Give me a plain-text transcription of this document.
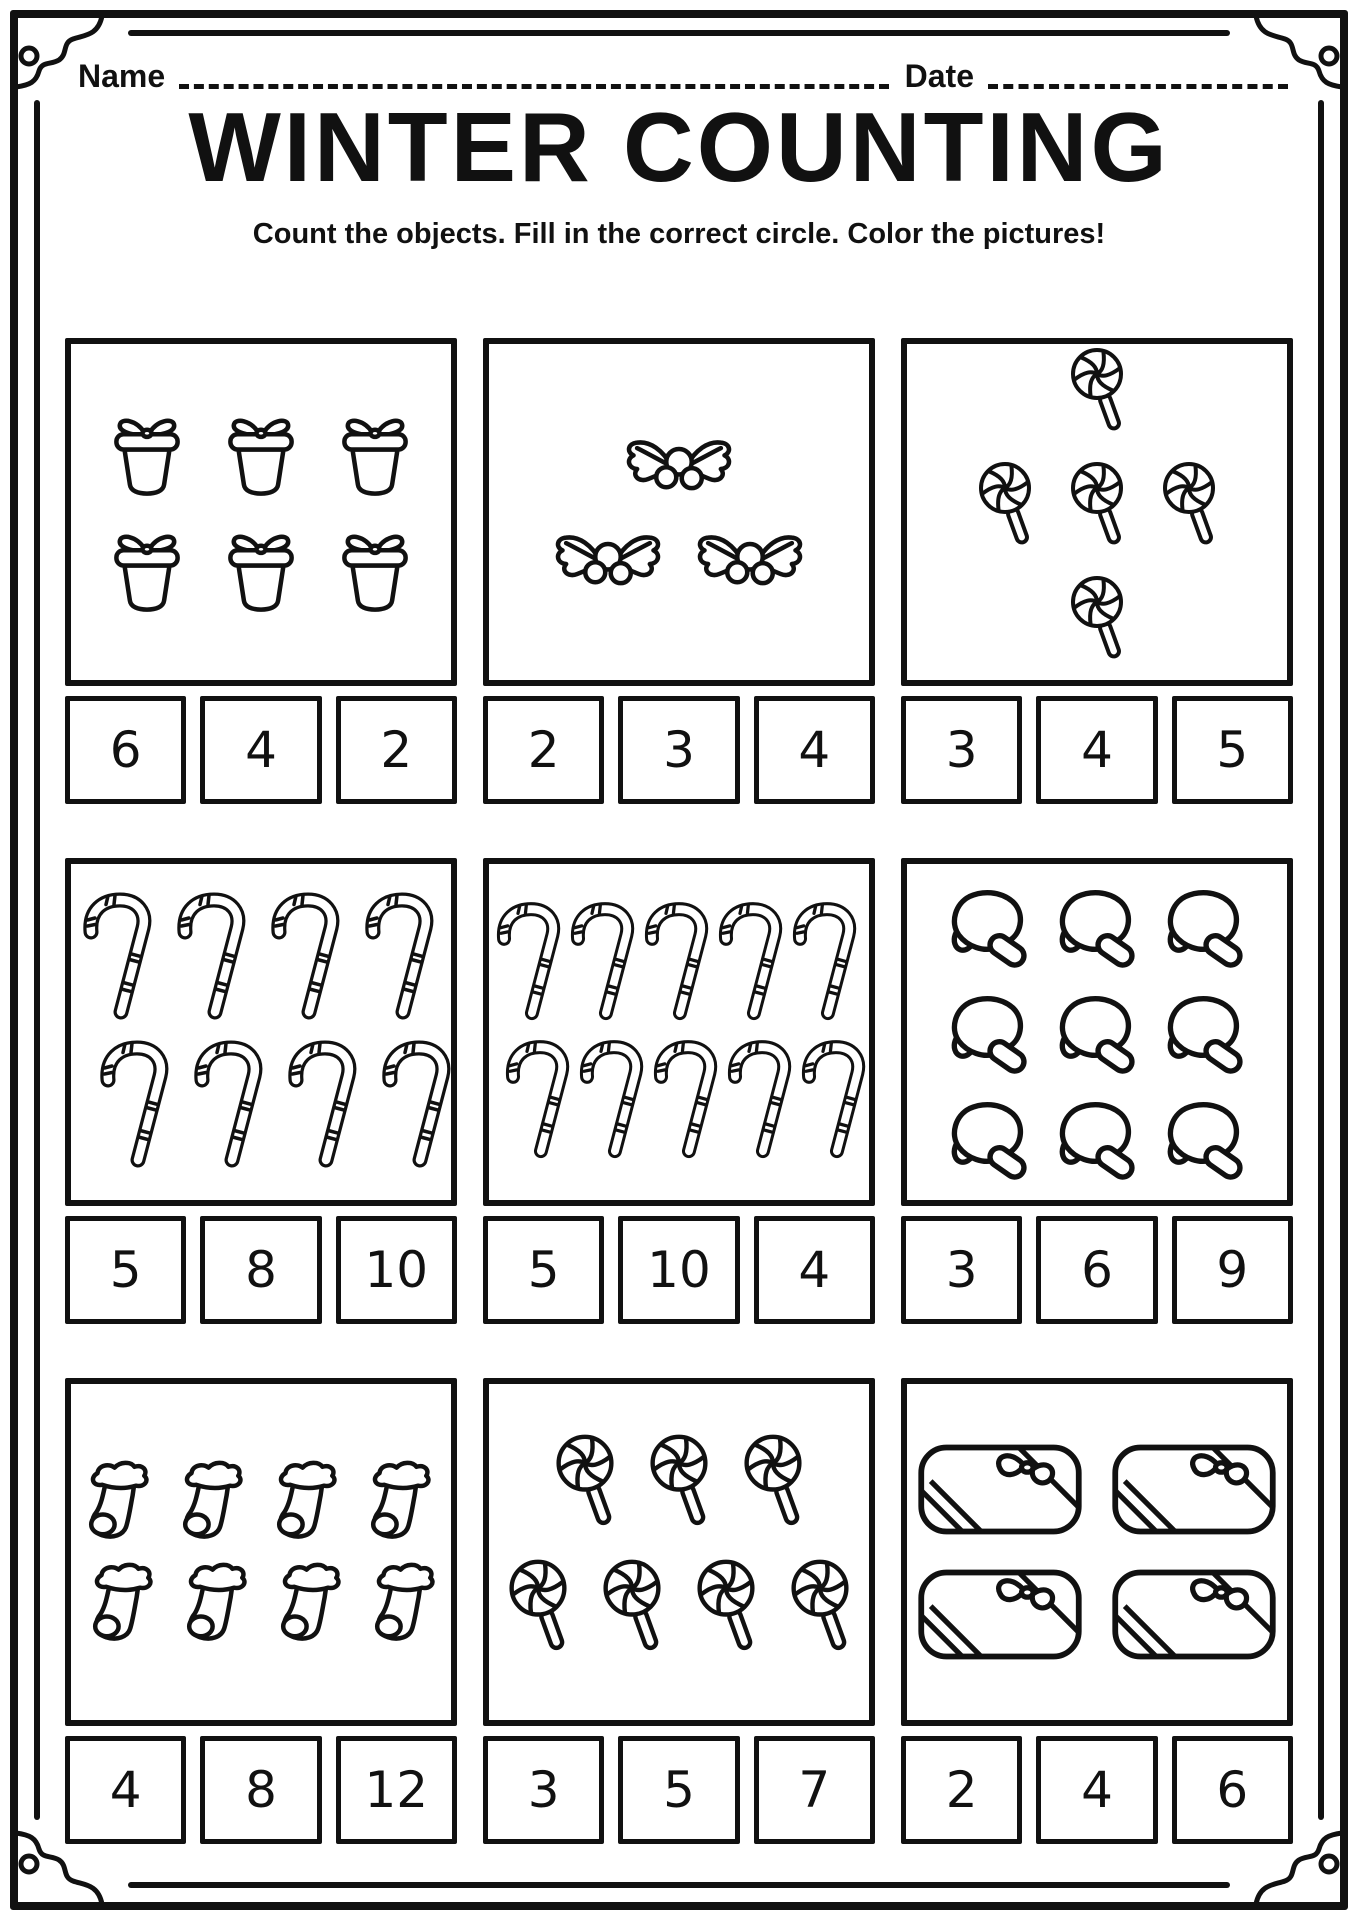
Name	Date
WINTER COUNTING
Count the objects. Fill in the correct circle. Color the pictures!
6 4 2 2 3 4 3 4 5
5 8 10 5 10 4 3 6 9
4 8 12 3 5 7 2 4 6
